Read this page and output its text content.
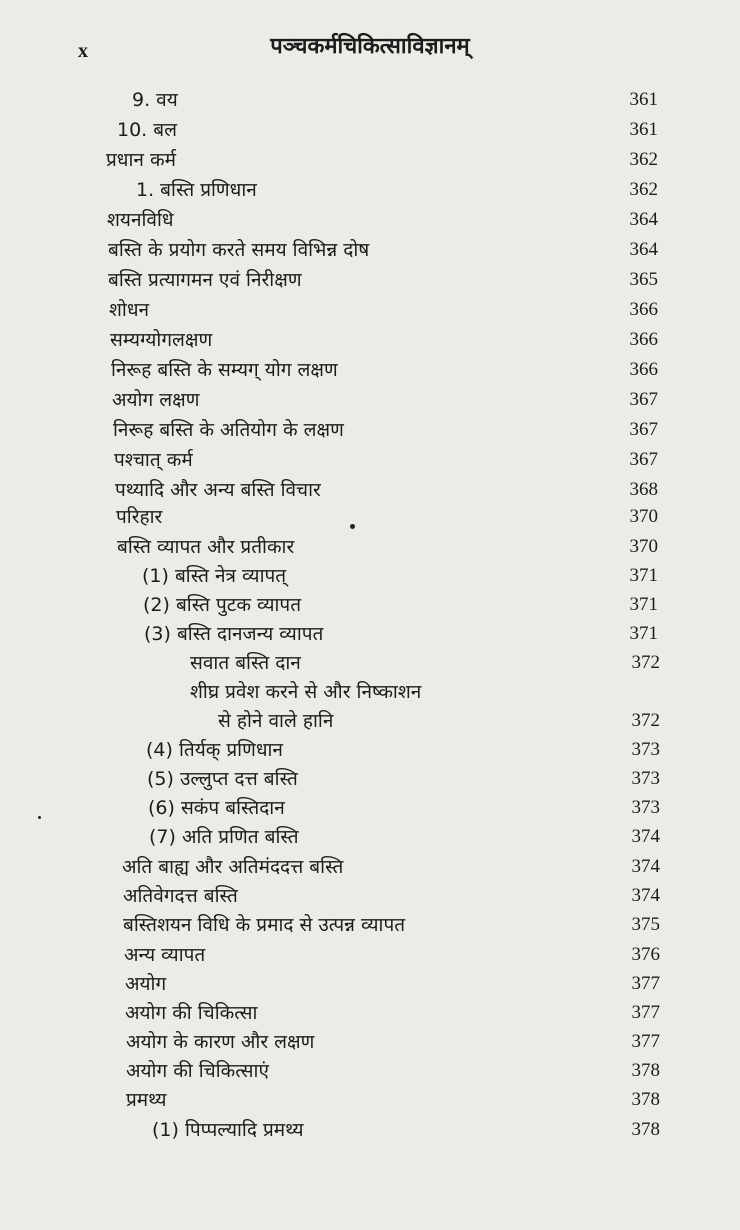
x	पञ्चकर्मचिकित्साविज्ञानम्
9. वय	361
10. बल	361
प्रधान कर्म	362
1. बस्ति प्रणिधान	362
शयनविधि	364
बस्ति के प्रयोग करते समय विभिन्न दोष	364
बस्ति प्रत्यागमन एवं निरीक्षण	365
शोधन	366
सम्यग्योगलक्षण	366
निरूह बस्ति के सम्यग् योग लक्षण	366
अयोग लक्षण	367
निरूह बस्ति के अतियोग के लक्षण	367
पश्चात् कर्म	367
पथ्यादि और अन्य बस्ति विचार	368
परिहार	370
बस्ति व्यापत और प्रतीकार	370
(1) बस्ति नेत्र व्यापत्	371
(2) बस्ति पुटक व्यापत	371
(3) बस्ति दानजन्य व्यापत	371
सवात बस्ति दान	372
शीघ्र प्रवेश करने से और निष्काशन
से होने वाले हानि	372
(4) तिर्यक् प्रणिधान	373
(5) उल्लुप्त दत्त बस्ति	373
(6) सकंप बस्तिदान	373
(7) अति प्रणित बस्ति	374
अति बाह्य और अतिमंददत्त बस्ति	374
अतिवेगदत्त बस्ति	374
बस्तिशयन विधि के प्रमाद से उत्पन्न व्यापत	375
अन्य व्यापत	376
अयोग	377
अयोग की चिकित्सा	377
अयोग के कारण और लक्षण	377
अयोग की चिकित्साएं	378
प्रमथ्य	378
(1) पिप्पल्यादि प्रमथ्य	378
